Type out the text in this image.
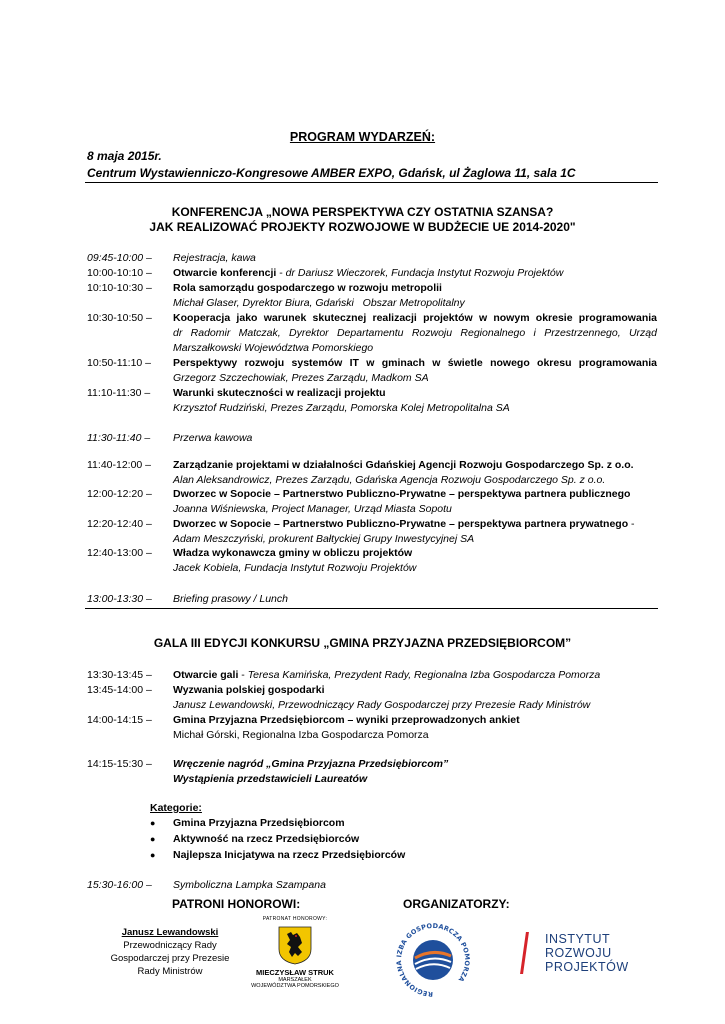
PROGRAM WYDARZEŃ:
8 maja 2015r.
Centrum Wystawienniczo-Kongresowe AMBER EXPO, Gdańsk, ul Żaglowa 11, sala 1C
KONFERENCJA „NOWA PERSPEKTYWA CZY OSTATNIA SZANSA?
JAK REALIZOWAĆ PROJEKTY ROZWOJOWE W BUDŻECIE UE 2014-2020"
09:45-10:00 –	Rejestracja, kawa
10:00-10:10 –	Otwarcie konferencji - dr Dariusz Wieczorek, Fundacja Instytut Rozwoju Projektów
10:10-10:30 –	Rola samorządu gospodarczego w rozwoju metropolii
Michał Glaser, Dyrektor Biura, Gdański   Obszar Metropolitalny
10:30-10:50 –	Kooperacja jako warunek skutecznej realizacji projektów w nowym okresie programowania
dr Radomir Matczak, Dyrektor Departamentu Rozwoju Regionalnego i Przestrzennego, Urząd
Marszałkowski Województwa Pomorskiego
10:50-11:10 –	Perspektywy rozwoju systemów IT w gminach w świetle nowego okresu programowania
Grzegorz Szczechowiak, Prezes Zarządu, Madkom SA
11:10-11:30 –	Warunki skuteczności w realizacji projektu
Krzysztof Rudziński, Prezes Zarządu, Pomorska Kolej Metropolitalna SA
11:30-11:40 –	Przerwa kawowa
11:40-12:00 –	Zarządzanie projektami w działalności Gdańskiej Agencji Rozwoju Gospodarczego Sp. z o.o.
Alan Aleksandrowicz, Prezes Zarządu, Gdańska Agencja Rozwoju Gospodarczego Sp. z o.o.
12:00-12:20 –	Dworzec w Sopocie – Partnerstwo Publiczno-Prywatne – perspektywa partnera publicznego
Joanna Wiśniewska, Project Manager, Urząd Miasta Sopotu
12:20-12:40 –	Dworzec w Sopocie – Partnerstwo Publiczno-Prywatne – perspektywa partnera prywatnego -
Adam Meszczyński, prokurent Bałtyckiej Grupy Inwestycyjnej SA
12:40-13:00 –	Władza wykonawcza gminy w obliczu projektów
Jacek Kobiela, Fundacja Instytut Rozwoju Projektów
13:00-13:30 –	Briefing prasowy / Lunch
GALA III EDYCJI KONKURSU „GMINA PRZYJAZNA PRZEDSIĘBIORCOM”
13:30-13:45 –	Otwarcie gali - Teresa Kamińska, Prezydent Rady, Regionalna Izba Gospodarcza Pomorza
13:45-14:00 –	Wyzwania polskiej gospodarki
Janusz Lewandowski, Przewodniczący Rady Gospodarczej przy Prezesie Rady Ministrów
14:00-14:15 –	Gmina Przyjazna Przedsiębiorcom – wyniki przeprowadzonych ankiet
Michał Górski, Regionalna Izba Gospodarcza Pomorza
14:15-15:30 –	Wręczenie nagród „Gmina Przyjazna Przedsiębiorcom”
Wystąpienia przedstawicieli Laureatów
Kategorie:
●	Gmina Przyjazna Przedsiębiorcom
●	Aktywność na rzecz Przedsiębiorców
●	Najlepsza Inicjatywa na rzecz Przedsiębiorców
15:30-16:00 –	Symboliczna Lampka Szampana
PATRONI HONOROWI:	ORGANIZATORZY:
Janusz Lewandowski
Przewodniczący Rady
Gospodarczej przy Prezesie
Rady Ministrów
PATRONAT HONOROWY:
MIECZYSŁAW STRUK
MARSZAŁEK
WOJEWÓDZTWA POMORSKIEGO
REGIONALNA IZBA GOSPODARCZA POMORZA
INSTYTUT
ROZWOJU
PROJEKTÓW
